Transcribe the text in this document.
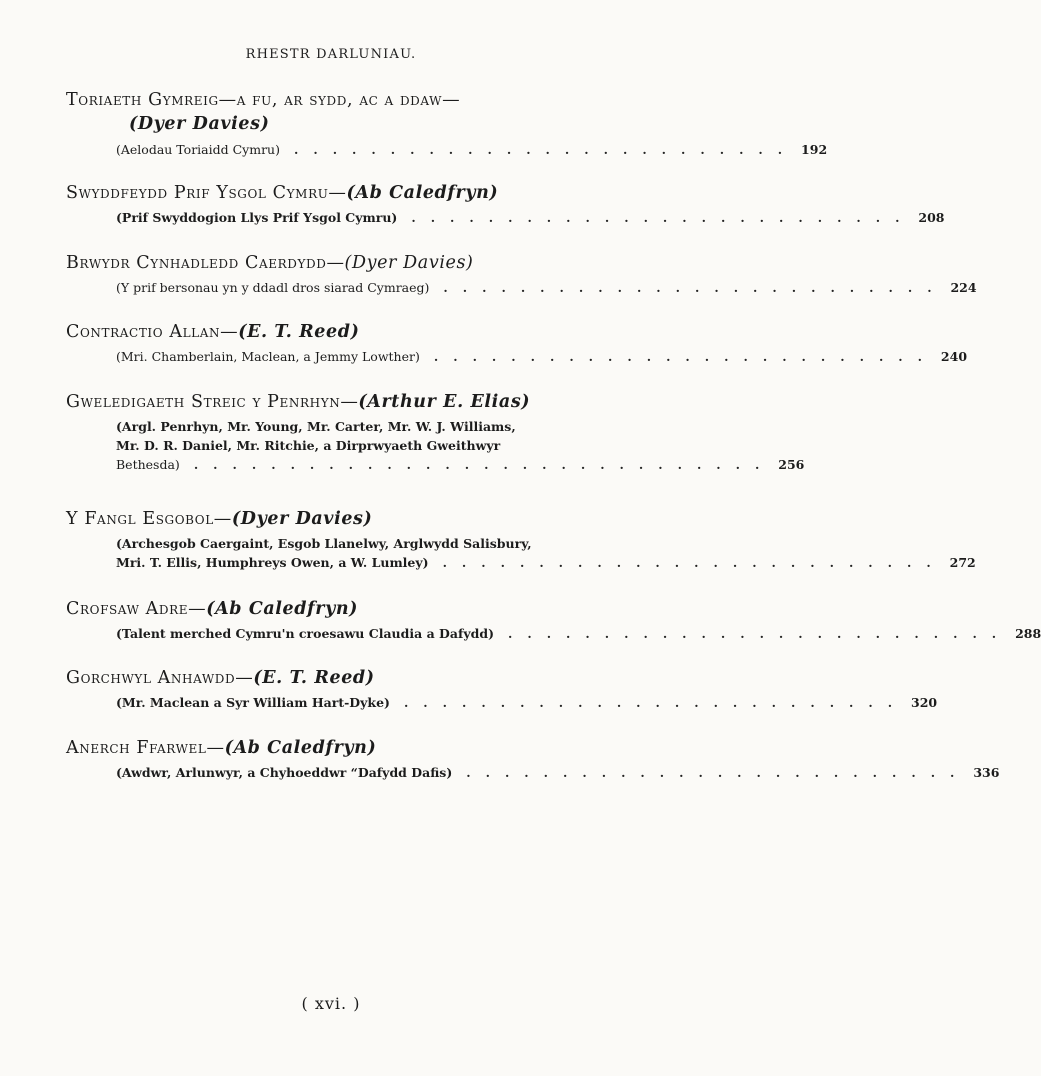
RHESTR DARLUNIAU.
Toriaeth Gymreig—a fu, ar sydd, ac a ddaw—
(Dyer Davies)
(Aelodau Toriaidd Cymru)	.......................... 192
Swyddfeydd Prif Ysgol Cymru—(Ab Caledfryn)
(Prif Swyddogion Llys Prif Ysgol Cymru)	.......................... 208
Brwydr Cynhadledd Caerdydd—(Dyer Davies)
(Y prif bersonau yn y ddadl dros siarad Cymraeg)	.......................... 224
Contractio Allan—(E. T. Reed)
(Mri. Chamberlain, Maclean, a Jemmy Lowther)	.......................... 240
Gweledigaeth Streic y Penrhyn—(Arthur E. Elias)
(Argl. Penrhyn, Mr. Young, Mr. Carter, Mr. W. J. Williams,
Mr. D. R. Daniel, Mr. Ritchie, a Dirprwyaeth Gweithwyr
Bethesda)	.............................. 256
Y Fangl Esgobol—(Dyer Davies)
(Archesgob Caergaint, Esgob Llanelwy, Arglwydd Salisbury,
Mri. T. Ellis, Humphreys Owen, a W. Lumley)	.......................... 272
Crofsaw Adre—(Ab Caledfryn)
(Talent merched Cymru'n croesawu Claudia a Dafydd)	.......................... 288
Gorchwyl Anhawdd—(E. T. Reed)
(Mr. Maclean a Syr William Hart-Dyke)	.......................... 320
Anerch Ffarwel—(Ab Caledfryn)
(Awdwr, Arlunwyr, a Chyhoeddwr “Dafydd Dafis)	.......................... 336
( xvi. )
